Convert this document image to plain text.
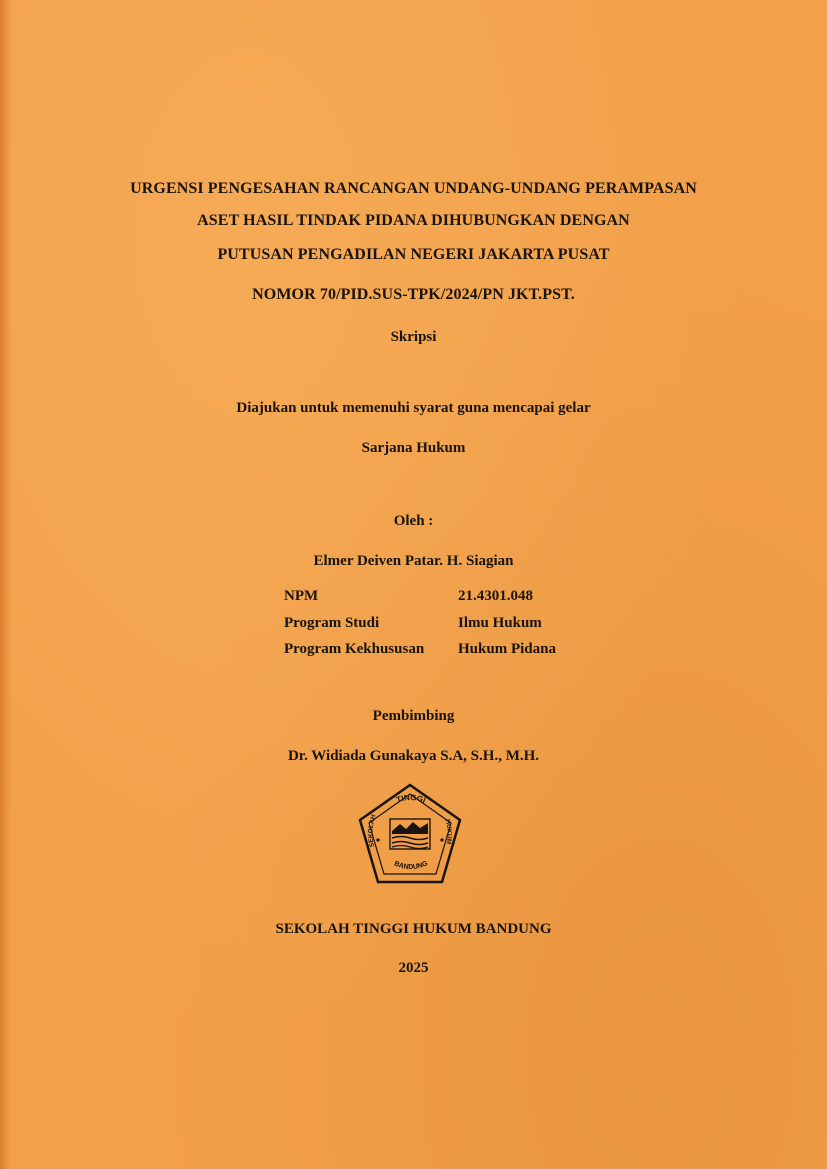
URGENSI PENGESAHAN RANCANGAN UNDANG-UNDANG PERAMPASAN
ASET HASIL TINDAK PIDANA DIHUBUNGKAN DENGAN
PUTUSAN PENGADILAN NEGERI JAKARTA PUSAT
NOMOR 70/PID.SUS-TPK/2024/PN JKT.PST.
Skripsi
Diajukan untuk memenuhi syarat guna mencapai gelar
Sarjana Hukum
Oleh :
Elmer Deiven Patar. H. Siagian
NPM	21.4301.048
Program Studi	Ilmu Hukum
Program Kekhususan Hukum Pidana
Pembimbing
Dr. Widiada Gunakaya S.A, S.H., M.H.
TINGGI
SEKOLAH
HUKUM
BANDUNG
SEKOLAH TINGGI HUKUM BANDUNG
2025
